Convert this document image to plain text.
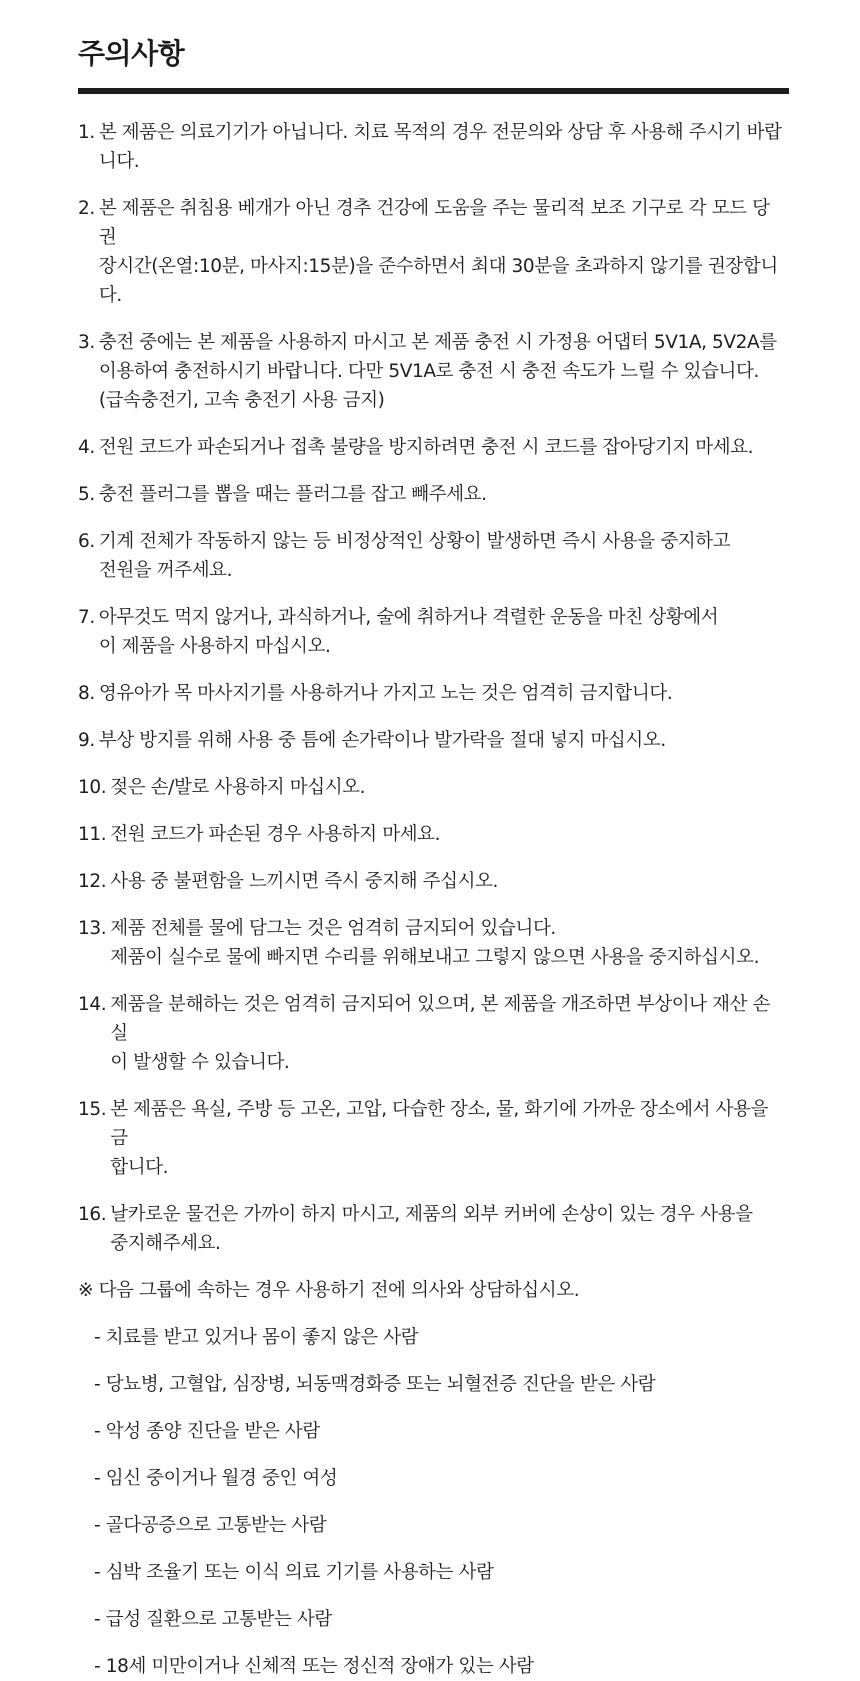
주의사항
1. 본 제품은 의료기기가 아닙니다. 치료 목적의 경우 전문의와 상담 후 사용해 주시기 바랍
니다.
2. 본 제품은 취침용 베개가 아닌 경추 건강에 도움을 주는 물리적 보조 기구로 각 모드 당 권
장시간(온열:10분, 마사지:15분)을 준수하면서 최대 30분을 초과하지 않기를 권장합니다.
3. 충전 중에는 본 제품을 사용하지 마시고 본 제품 충전 시 가정용 어댑터 5V1A, 5V2A를
이용하여 충전하시기 바랍니다. 다만 5V1A로 충전 시 충전 속도가 느릴 수 있습니다.
(급속충전기, 고속 충전기 사용 금지)
4. 전원 코드가 파손되거나 접촉 불량을 방지하려면 충전 시 코드를 잡아당기지 마세요.
5. 충전 플러그를 뽑을 때는 플러그를 잡고 빼주세요.
6. 기계 전체가 작동하지 않는 등 비정상적인 상황이 발생하면 즉시 사용을 중지하고
전원을 꺼주세요.
7. 아무것도 먹지 않거나, 과식하거나, 술에 취하거나 격렬한 운동을 마친 상황에서
이 제품을 사용하지 마십시오.
8. 영유아가 목 마사지기를 사용하거나 가지고 노는 것은 엄격히 금지합니다.
9. 부상 방지를 위해 사용 중 틈에 손가락이나 발가락을 절대 넣지 마십시오.
10. 젖은 손/발로 사용하지 마십시오.
11. 전원 코드가 파손된 경우 사용하지 마세요.
12. 사용 중 불편함을 느끼시면 즉시 중지해 주십시오.
13. 제품 전체를 물에 담그는 것은 엄격히 금지되어 있습니다.
제품이 실수로 물에 빠지면 수리를 위해보내고 그렇지 않으면 사용을 중지하십시오.
14. 제품을 분해하는 것은 엄격히 금지되어 있으며, 본 제품을 개조하면 부상이나 재산 손실
이 발생할 수 있습니다.
15. 본 제품은 욕실, 주방 등 고온, 고압, 다습한 장소, 물, 화기에 가까운 장소에서 사용을 금
합니다.
16. 날카로운 물건은 가까이 하지 마시고, 제품의 외부 커버에 손상이 있는 경우 사용을
중지해주세요.

※ 다음 그룹에 속하는 경우 사용하기 전에 의사와 상담하십시오.

- 치료를 받고 있거나 몸이 좋지 않은 사람
- 당뇨병, 고혈압, 심장병, 뇌동맥경화증 또는 뇌혈전증 진단을 받은 사람
- 악성 종양 진단을 받은 사람
- 임신 중이거나 월경 중인 여성
- 골다공증으로 고통받는 사람
- 심박 조율기 또는 이식 의료 기기를 사용하는 사람
- 급성 질환으로 고통받는 사람
- 18세 미만이거나 신체적 또는 정신적 장애가 있는 사람
